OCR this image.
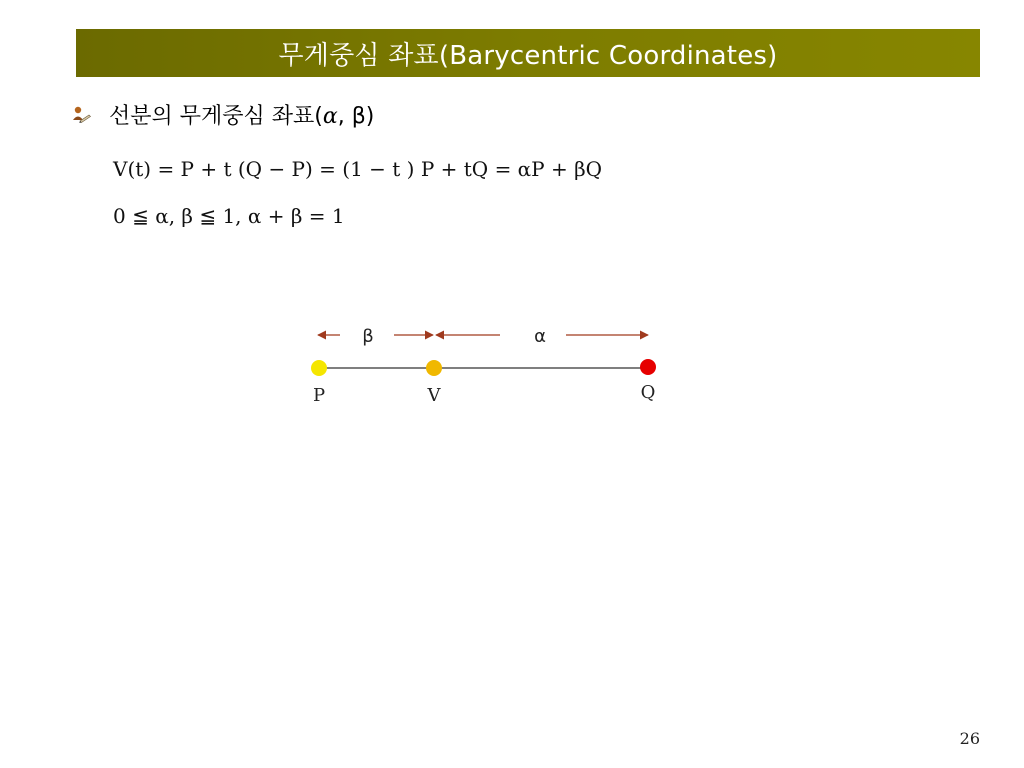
무게중심 좌표(Barycentric Coordinates)
선분의 무게중심 좌표(α, β)
V(t) = P + t (Q − P) = (1 − t ) P + tQ = αP + βQ
0 ≦ α, β ≦ 1, α + β = 1
β	α
P	V	Q
26
